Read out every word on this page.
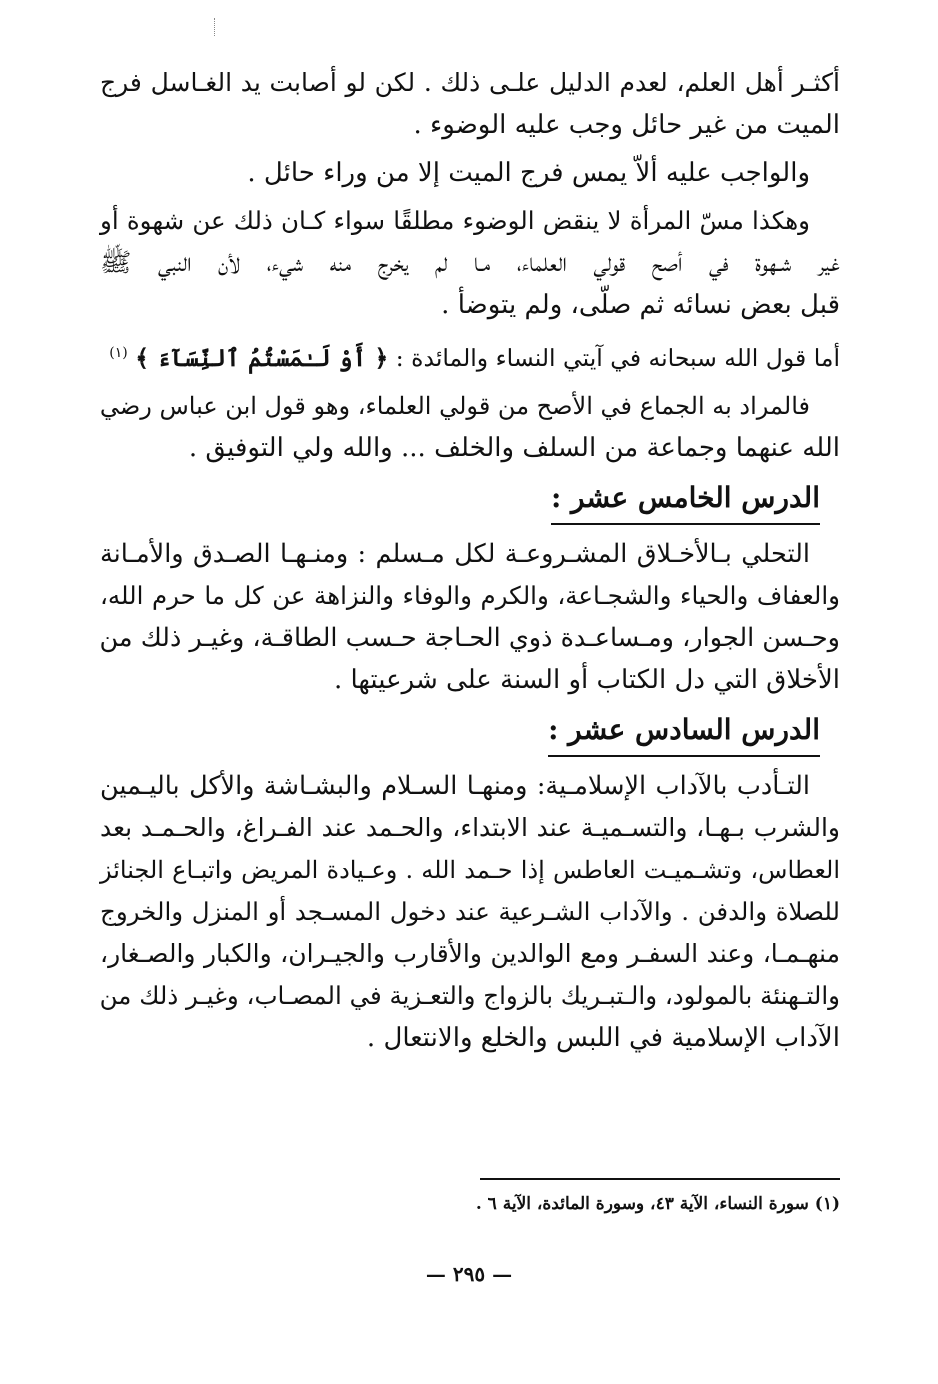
أكثـر أهل العلم، لعدم الدليل علـى ذلك . لكن لو أصابت يد الغـاسل فرج
الميت من غير حائل وجب عليه الوضوء .
والواجب عليه ألاّ يمس فرج الميت إلا من وراء حائل .
وهكذا مسّ المرأة لا ينقض الوضوء مطلقًا سواء كـان ذلك عن شهوة أو
غير شـهوة في أصح قولي العلماء، مـا لم يخرج منه شيء، لأن النبي ﷺ
قبل بعض نسائه ثم صلّى، ولم يتوضأ .
أما قول الله سبحانه في آيتي النساء والمائدة : ﴿ أَوْ لَـٰمَسْتُمُ ٱلنِّسَآءَ ﴾ $^{(١)}$
فالمراد به الجماع في الأصح من قولي العلماء، وهو قول ابن عباس رضي
الله عنهما وجماعة من السلف والخلف ... والله ولي التوفيق .
الدرس الخامس عشر :
التحلي بـالأخـلاق المشـروعـة لكل مـسلم : ومنـهـا الصـدق والأمـانة
والعفاف والحياء والشجـاعة، والكرم والوفاء والنزاهة عن كل ما حرم الله،
وحـسن الجوار، ومـساعـدة ذوي الحـاجة حـسب الطاقـة، وغيـر ذلك من
الأخلاق التي دل الكتاب أو السنة على شرعيتها .
الدرس السادس عشر :
التـأدب بالآداب الإسلامـية: ومنهـا السـلام والبشـاشة والأكل باليـمين
والشرب بـهـا، والتسـميـة عند الابتداء، والحـمد عند الفـراغ، والحـمـد بعد
العطاس، وتشـميـت العاطس إذا حـمد الله . وعـيادة المريض واتبـاع الجنائز
للصلاة والدفن . والآداب الشـرعية عند دخول المسـجد أو المنزل والخروج
منهـمـا، وعند السفـر ومع الوالدين والأقارب والجيـران، والكبار والصـغار،
والتـهنئة بالمولود، والـتبـريك بالزواج والتعـزية في المصـاب، وغيـر ذلك من
الآداب الإسلامية في اللبس والخلع والانتعال .
(١) سورة النساء، الآية ٤٣، وسورة المائدة، الآية ٦ .
— ٢٩٥ —
